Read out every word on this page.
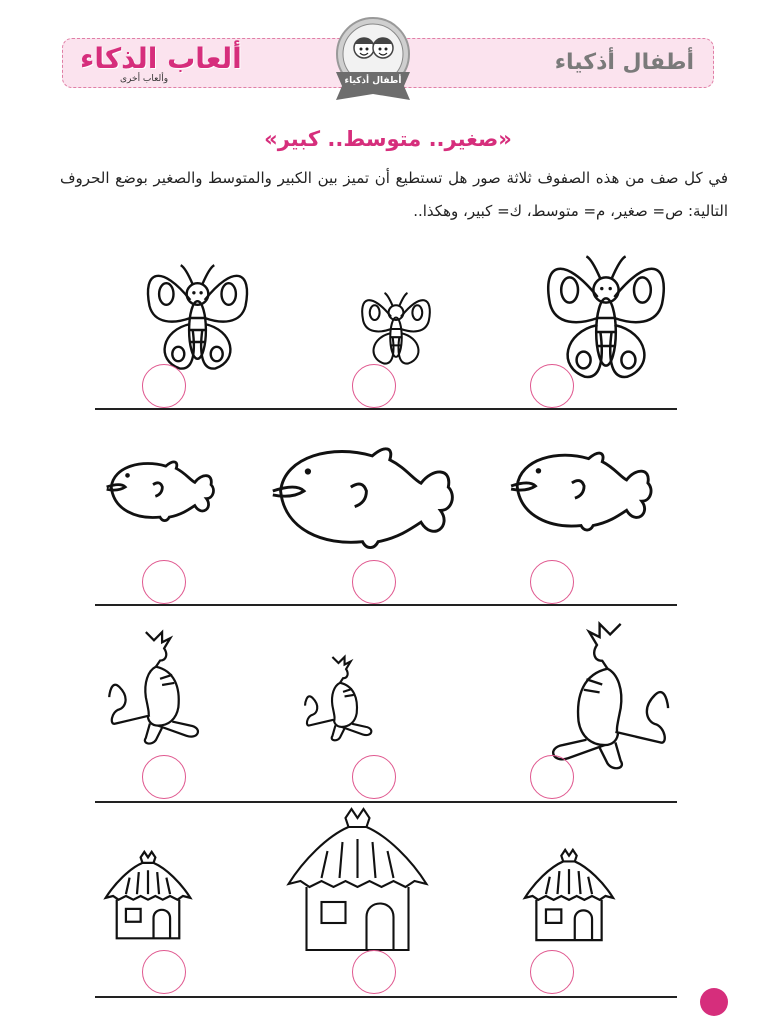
ألعاب الذكاء
وألعاب أخرى
أطفال أذكياء
أطفال أذكياء
«صغير.. متوسط.. كبير»
في كل صف من هذه الصفوف ثلاثة صور هل تستطيع أن تميز بين الكبير والمتوسط والصغير بوضع الحروف التالية: ص= صغير، م= متوسط، ك= كبير، وهكذا..
